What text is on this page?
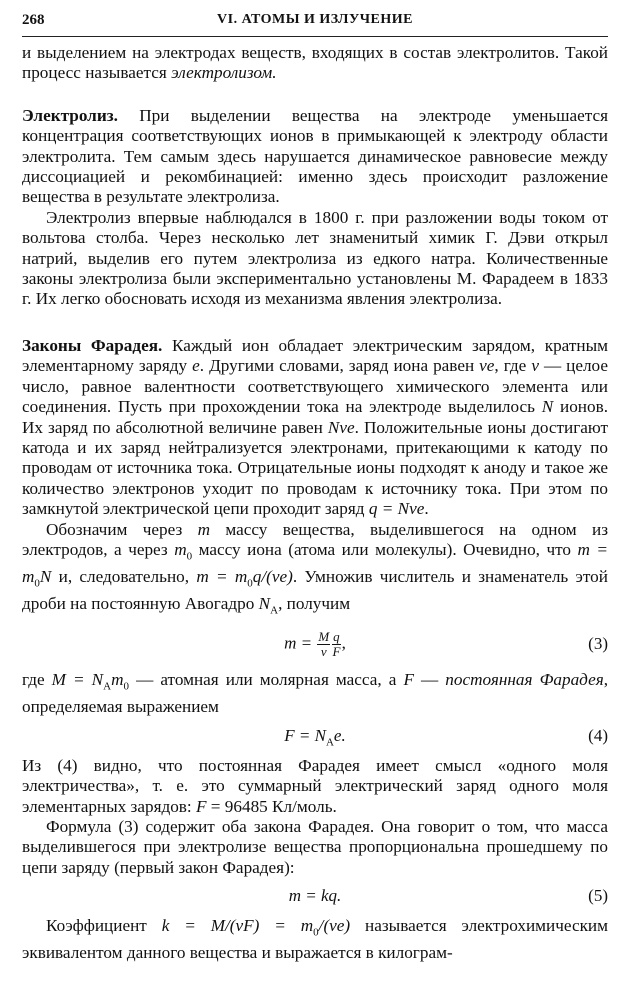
268	VI. АТОМЫ И ИЗЛУЧЕНИЕ

и выделением на электродах веществ, входящих в состав электролитов. Такой процесс называется электролизом.

Электролиз. При выделении вещества на электроде уменьшается концентрация соответствующих ионов в примыкающей к электроду области электролита. Тем самым здесь нарушается динамическое равновесие между диссоциацией и рекомбинацией: именно здесь происходит разложение вещества в результате электролиза.

Электролиз впервые наблюдался в 1800 г. при разложении воды током от вольтова столба. Через несколько лет знаменитый химик Г. Дэви открыл натрий, выделив его путем электролиза из едкого натра. Количественные законы электролиза были экспериментально установлены М. Фарадеем в 1833 г. Их легко обосновать исходя из механизма явления электролиза.

Законы Фарадея. Каждый ион обладает электрическим зарядом, кратным элементарному заряду e. Другими словами, заряд иона равен νe, где ν — целое число, равное валентности соответствующего химического элемента или соединения. Пусть при прохождении тока на электроде выделилось N ионов. Их заряд по абсолютной величине равен Nνe. Положительные ионы достигают катода и их заряд нейтрализуется электронами, притекающими к катоду по проводам от источника тока. Отрицательные ионы подходят к аноду и такое же количество электронов уходит по проводам к источнику тока. При этом по замкнутой электрической цепи проходит заряд q = Nνe.

Обозначим через m массу вещества, выделившегося на одном из электродов, а через $m_0$ массу иона (атома или молекулы). Очевидно, что $m = m_0N$ и, следовательно, $m = m_0q/(\nu e)$. Умножив числитель и знаменатель этой дроби на постоянную Авогадро $N_A$, получим

$m = \frac{M}{\nu} \frac{q}{F}$ ,	(3)

где $M = N_Am_0$ — атомная или молярная масса, а F — постоянная Фарадея, определяемая выражением

$F = N_Ae$.	(4)

Из (4) видно, что постоянная Фарадея имеет смысл «одного моля электричества», т. е. это суммарный электрический заряд одного моля элементарных зарядов: F = 96485 Кл/моль.

Формула (3) содержит оба закона Фарадея. Она говорит о том, что масса выделившегося при электролизе вещества пропорциональна прошедшему по цепи заряду (первый закон Фарадея):

m = kq.	(5)

Коэффициент $k = M/(\nu F) = m_0/(\nu e)$ называется электрохимическим эквивалентом данного вещества и выражается в килограм-
